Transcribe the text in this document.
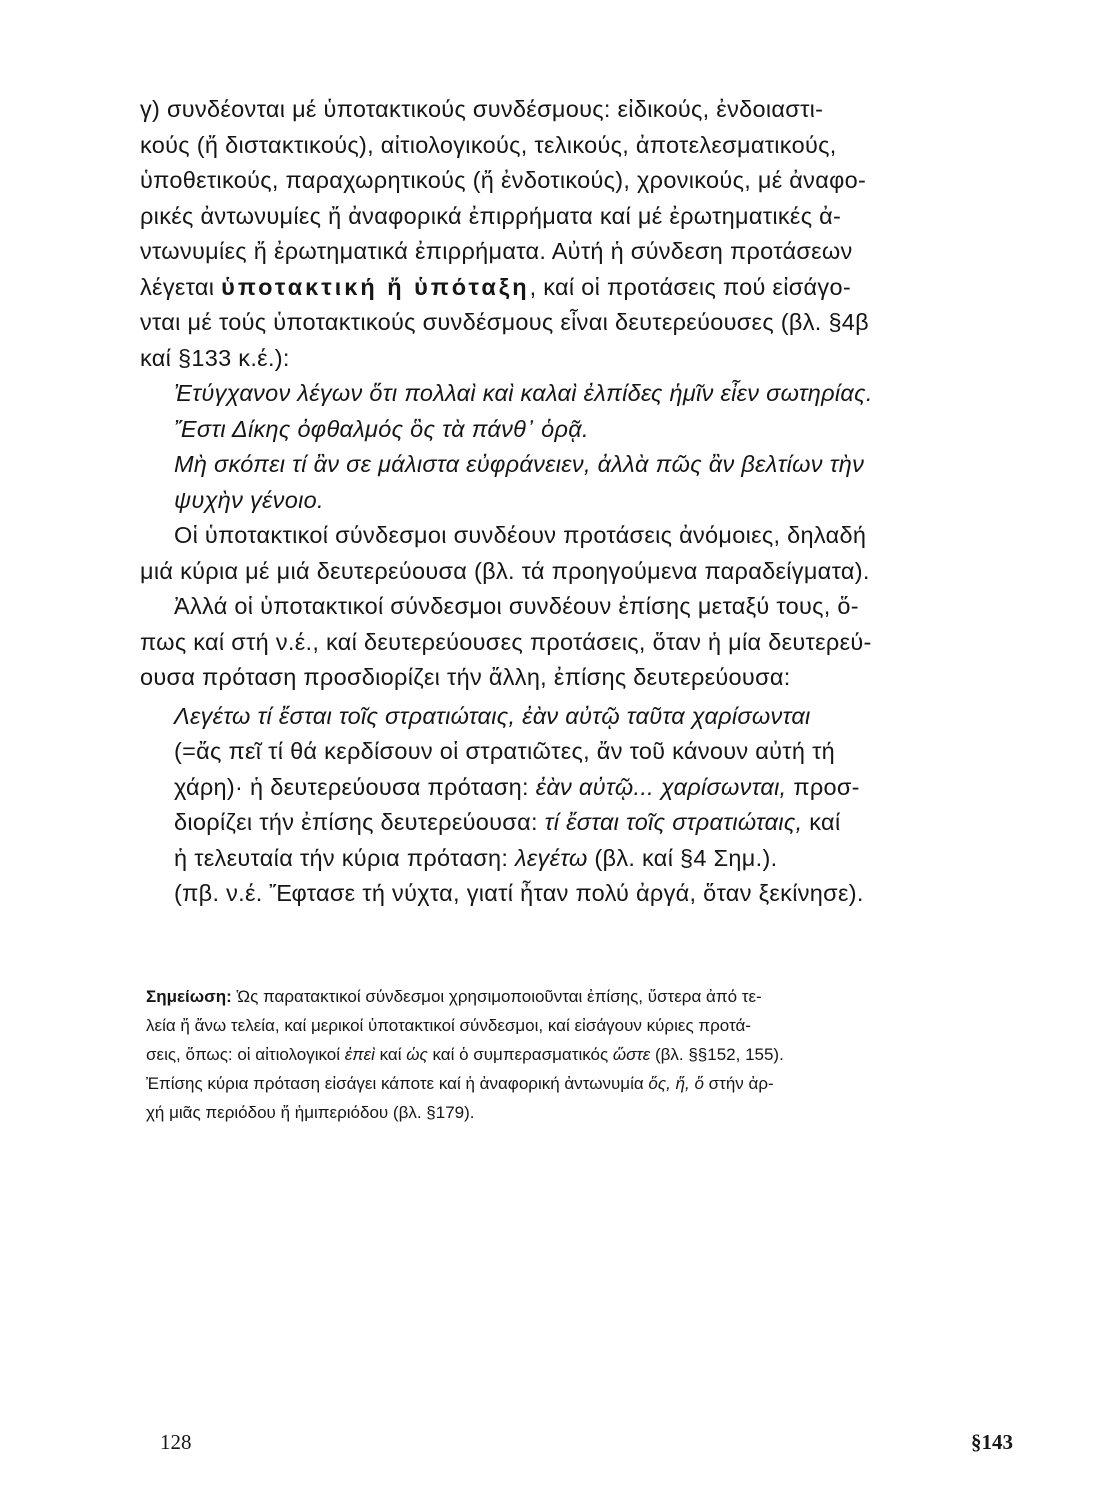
γ) συνδέονται μέ ὑποτακτικούς συνδέσμους: εἰδικούς, ἐνδοιαστι-
κούς (ἤ διστακτικούς), αἰτιολογικούς, τελικούς, ἀποτελεσματικούς,
ὑποθετικούς, παραχωρητικούς (ἤ ἐνδοτικούς), χρονικούς, μέ ἀναφο-
ρικές ἀντωνυμίες ἤ ἀναφορικά ἐπιρρήματα καί μέ ἐρωτηματικές ἀ-
ντωνυμίες ἤ ἐρωτηματικά ἐπιρρήματα. Αὐτή ἡ σύνδεση προτάσεων
λέγεται ὑποτακτική ἤ ὑπόταξη, καί οἱ προτάσεις πού εἰσάγο-
νται μέ τούς ὑποτακτικούς συνδέσμους εἶναι δευτερεύουσες (βλ. §4β
καί §133 κ.έ.):
Ἐτύγχανον λέγων ὅτι πολλαὶ καὶ καλαὶ ἐλπίδες ἡμῖν εἶεν σωτηρίας.
Ἔστι Δίκης ὀφθαλμός ὃς τὰ πάνθ᾽ ὁρᾷ.
Μὴ σκόπει τί ἂν σε μάλιστα εὐφράνειεν, ἀλλὰ πῶς ἂν βελτίων τὴν
ψυχὴν γένοιο.
Οἱ ὑποτακτικοί σύνδεσμοι συνδέουν προτάσεις ἀνόμοιες, δηλαδή
μιά κύρια μέ μιά δευτερεύουσα (βλ. τά προηγούμενα παραδείγματα).
Ἀλλά οἱ ὑποτακτικοί σύνδεσμοι συνδέουν ἐπίσης μεταξύ τους, ὅ-
πως καί στή ν.έ., καί δευτερεύουσες προτάσεις, ὅταν ἡ μία δευτερεύ-
ουσα πρόταση προσδιορίζει τήν ἄλλη, ἐπίσης δευτερεύουσα:
Λεγέτω τί ἔσται τοῖς στρατιώταις, ἐὰν αὐτῷ ταῦτα χαρίσωνται
(=ἄς πεῖ τί θά κερδίσουν οἱ στρατιῶτες, ἄν τοῦ κάνουν αὐτή τή
χάρη)· ἡ δευτερεύουσα πρόταση: ἐὰν αὐτῷ... χαρίσωνται, προσ-
διορίζει τήν ἐπίσης δευτερεύουσα: τί ἔσται τοῖς στρατιώταις, καί
ἡ τελευταία τήν κύρια πρόταση: λεγέτω (βλ. καί §4 Σημ.).
(πβ. ν.έ. Ἔφτασε τή νύχτα, γιατί ἦταν πολύ ἀργά, ὅταν ξεκίνησε).
Σημείωση: Ὡς παρατακτικοί σύνδεσμοι χρησιμοποιοῦνται ἐπίσης, ὕστερα ἀπό τε-
λεία ἤ ἄνω τελεία, καί μερικοί ὑποτακτικοί σύνδεσμοι, καί εἰσάγουν κύριες προτά-
σεις, ὅπως: οἱ αἰτιολογικοί ἐπεὶ καί ὡς καί ὁ συμπερασματικός ὥστε (βλ. §§152, 155).
Ἐπίσης κύρια πρόταση εἰσάγει κάποτε καί ἡ ἀναφορική ἀντωνυμία ὅς, ἥ, ὅ στήν ἀρ-
χή μιᾶς περιόδου ἤ ἡμιπεριόδου (βλ. §179).
128	§143
